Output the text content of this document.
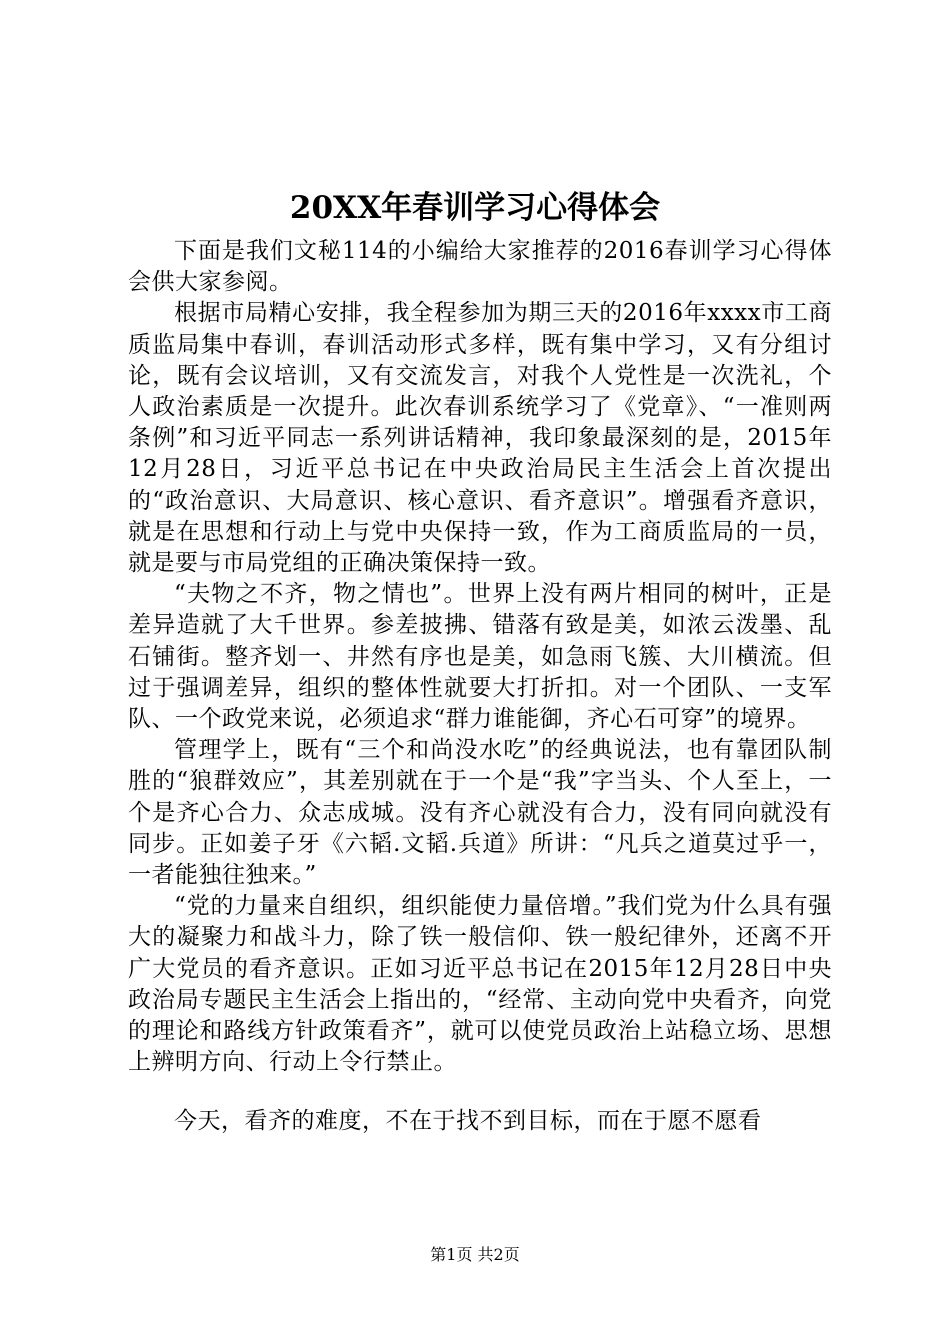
20XX年春训学习心得体会

下面是我们文秘114的小编给大家推荐的2016春训学习心得体会供大家参阅。

根据市局精心安排，我全程参加为期三天的2016年xxxx市工商质监局集中春训，春训活动形式多样，既有集中学习，又有分组讨论，既有会议培训，又有交流发言，对我个人党性是一次洗礼，个人政治素质是一次提升。此次春训系统学习了《党章》、“一准则两条例”和习近平同志一系列讲话精神，我印象最深刻的是，2015年12月28日，习近平总书记在中央政治局民主生活会上首次提出的“政治意识、大局意识、核心意识、看齐意识”。增强看齐意识，就是在思想和行动上与党中央保持一致，作为工商质监局的一员，就是要与市局党组的正确决策保持一致。

“夫物之不齐，物之情也”。世界上没有两片相同的树叶，正是差异造就了大千世界。参差披拂、错落有致是美，如浓云泼墨、乱石铺街。整齐划一、井然有序也是美，如急雨飞簇、大川横流。但过于强调差异，组织的整体性就要大打折扣。对一个团队、一支军队、一个政党来说，必须追求“群力谁能御，齐心石可穿”的境界。

管理学上，既有“三个和尚没水吃”的经典说法，也有靠团队制胜的“狼群效应”，其差别就在于一个是“我”字当头、个人至上，一个是齐心合力、众志成城。没有齐心就没有合力，没有同向就没有同步。正如姜子牙《六韬.文韬.兵道》所讲：“凡兵之道莫过乎一，一者能独往独来。”

“党的力量来自组织，组织能使力量倍增。”我们党为什么具有强大的凝聚力和战斗力，除了铁一般信仰、铁一般纪律外，还离不开广大党员的看齐意识。正如习近平总书记在2015年12月28日中央政治局专题民主生活会上指出的，“经常、主动向党中央看齐，向党的理论和路线方针政策看齐”，就可以使党员政治上站稳立场、思想上辨明方向、行动上令行禁止。

今天，看齐的难度，不在于找不到目标，而在于愿不愿看

第1页 共2页
